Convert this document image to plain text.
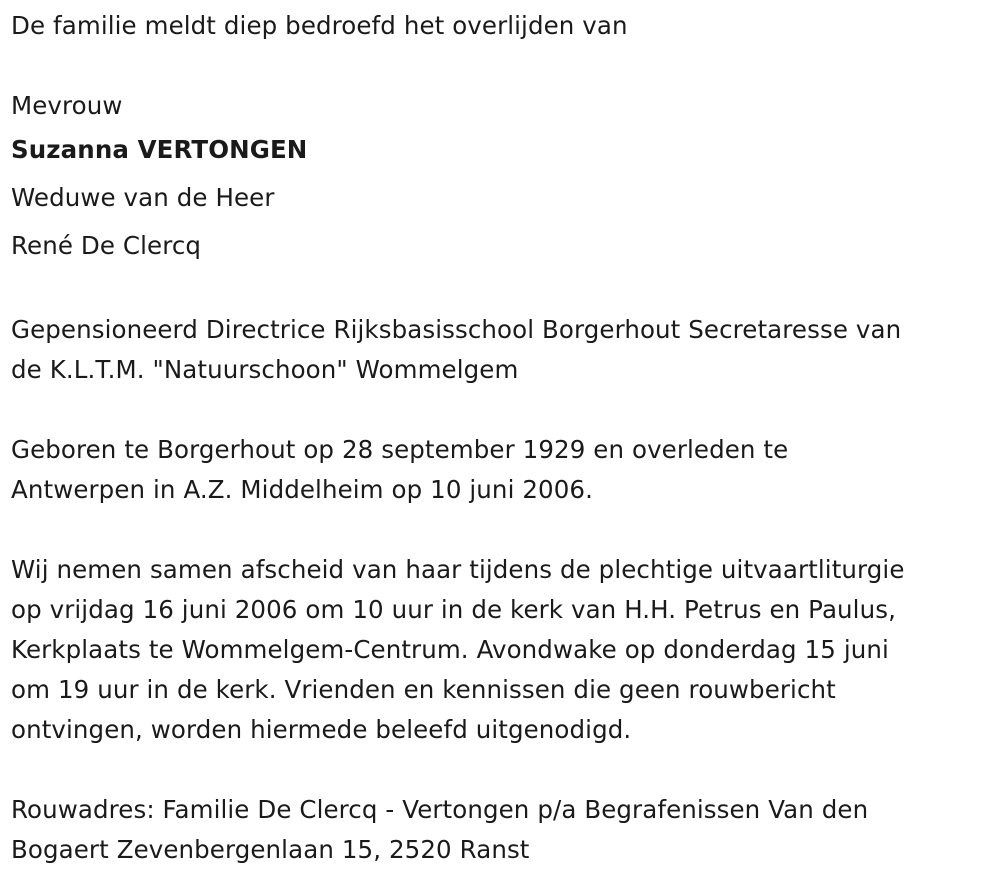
De familie meldt diep bedroefd het overlijden van
Mevrouw
Suzanna VERTONGEN
Weduwe van de Heer
René De Clercq
Gepensioneerd Directrice Rijksbasisschool Borgerhout Secretaresse van
de K.L.T.M. "Natuurschoon" Wommelgem
Geboren te Borgerhout op 28 september 1929 en overleden te
Antwerpen in A.Z. Middelheim op 10 juni 2006.
Wij nemen samen afscheid van haar tijdens de plechtige uitvaartliturgie
op vrijdag 16 juni 2006 om 10 uur in de kerk van H.H. Petrus en Paulus,
Kerkplaats te Wommelgem-Centrum. Avondwake op donderdag 15 juni
om 19 uur in de kerk. Vrienden en kennissen die geen rouwbericht
ontvingen, worden hiermede beleefd uitgenodigd.
Rouwadres: Familie De Clercq - Vertongen p/a Begrafenissen Van den
Bogaert Zevenbergenlaan 15, 2520 Ranst
